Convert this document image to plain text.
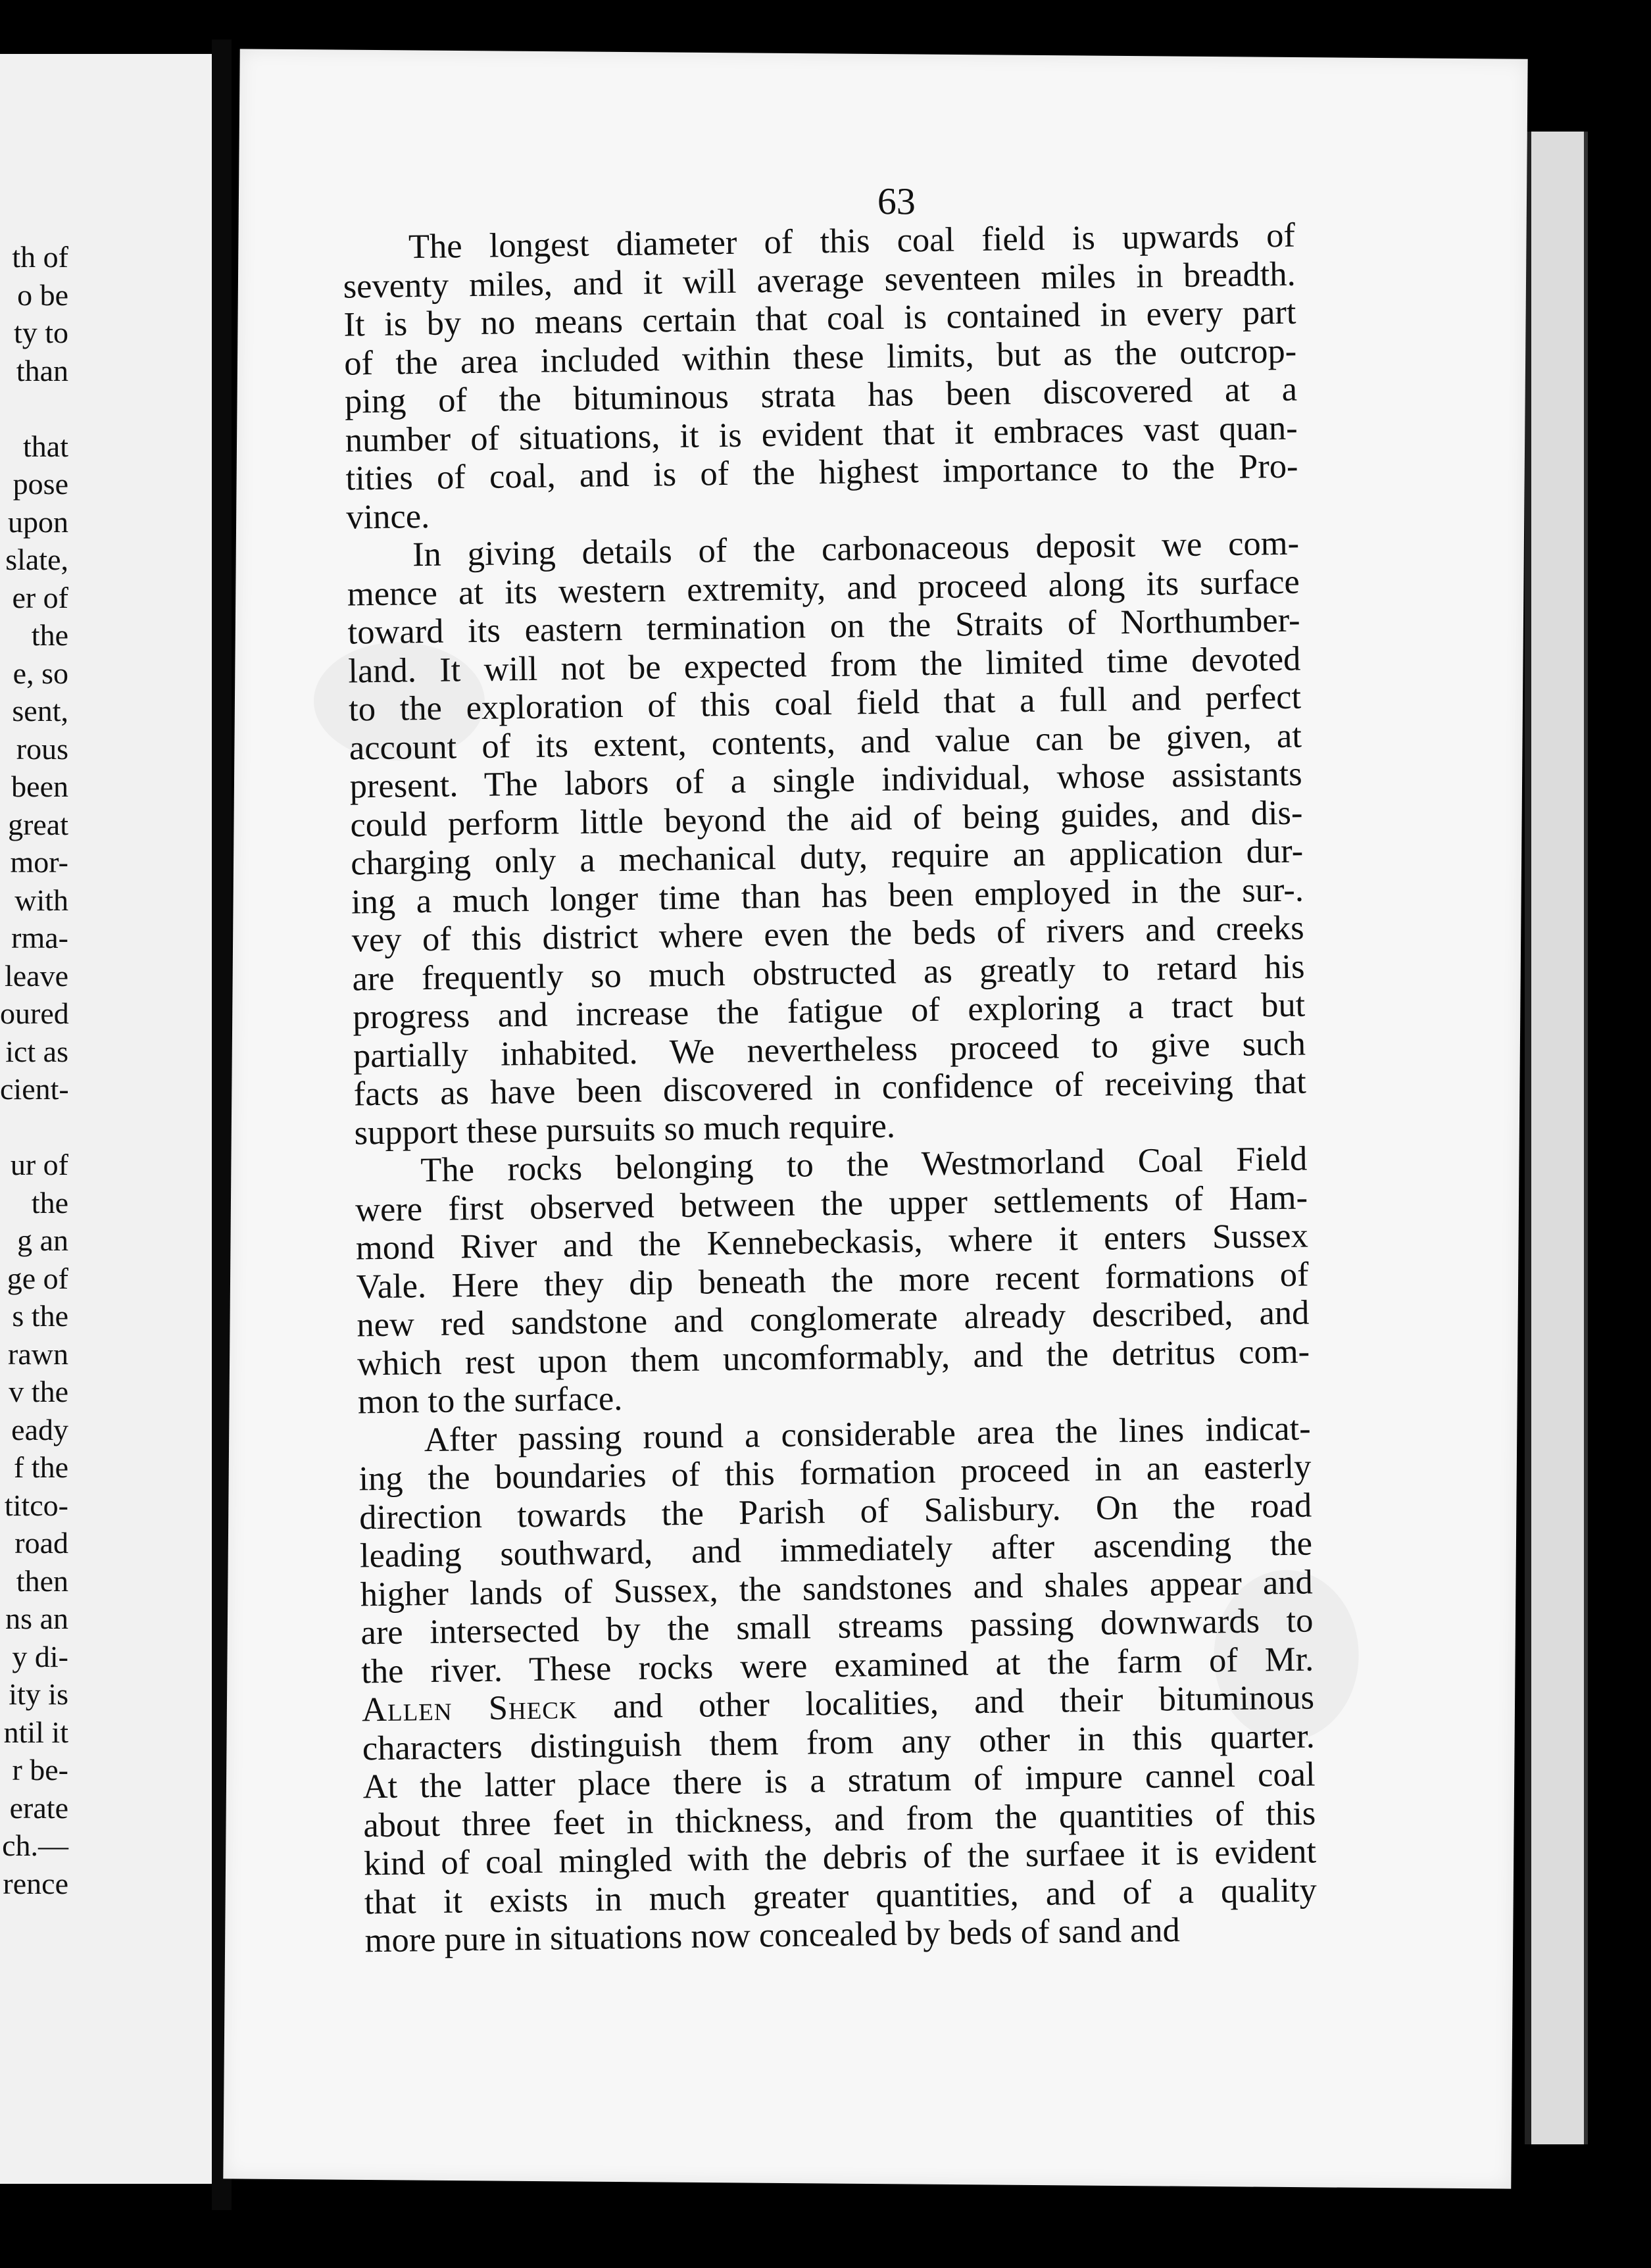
th of
o be
ty to
than
that
pose
upon
slate,
er of
the
e, so
sent,
rous
been
great
mor-
with
rma-
leave
oured
ict as
cient-
ur of
the
g an
ge of
s the
rawn
v the
eady
f the
titco-
road
then
ns an
y di-
ity is
ntil it
r be-
erate
ch.—
rence
63
The longest diameter of this coal field is upwards of
seventy miles, and it will average seventeen miles in breadth.
It is by no means certain that coal is contained in every part
of the area included within these limits, but as the outcrop-
ping of the bituminous strata has been discovered at a
number of situations, it is evident that it embraces vast quan-
tities of coal, and is of the highest importance to the Pro-
vince.
In giving details of the carbonaceous deposit we com-
mence at its western extremity, and proceed along its surface
toward its eastern termination on the Straits of Northumber-
land. It will not be expected from the limited time devoted
to the exploration of this coal field that a full and perfect
account of its extent, contents, and value can be given, at
present. The labors of a single individual, whose assistants
could perform little beyond the aid of being guides, and dis-
charging only a mechanical duty, require an application dur-
ing a much longer time than has been employed in the sur-.
vey of this district where even the beds of rivers and creeks
are frequently so much obstructed as greatly to retard his
progress and increase the fatigue of exploring a tract but
partially inhabited. We nevertheless proceed to give such
facts as have been discovered in confidence of receiving that
support these pursuits so much require.
The rocks belonging to the Westmorland Coal Field
were first observed between the upper settlements of Ham-
mond River and the Kennebeckasis, where it enters Sussex
Vale. Here they dip beneath the more recent formations of
new red sandstone and conglomerate already described, and
which rest upon them uncomformably, and the detritus com-
mon to the surface.
After passing round a considerable area the lines indicat-
ing the boundaries of this formation proceed in an easterly
direction towards the Parish of Salisbury. On the road
leading southward, and immediately after ascending the
higher lands of Sussex, the sandstones and shales appear and
are intersected by the small streams passing downwards to
the river. These rocks were examined at the farm of Mr.
Allen Sheck and other localities, and their bituminous
characters distinguish them from any other in this quarter.
At the latter place there is a stratum of impure cannel coal
about three feet in thickness, and from the quantities of this
kind of coal mingled with the debris of the surfaee it is evident
that it exists in much greater quantities, and of a quality
more pure in situations now concealed by beds of sand and
